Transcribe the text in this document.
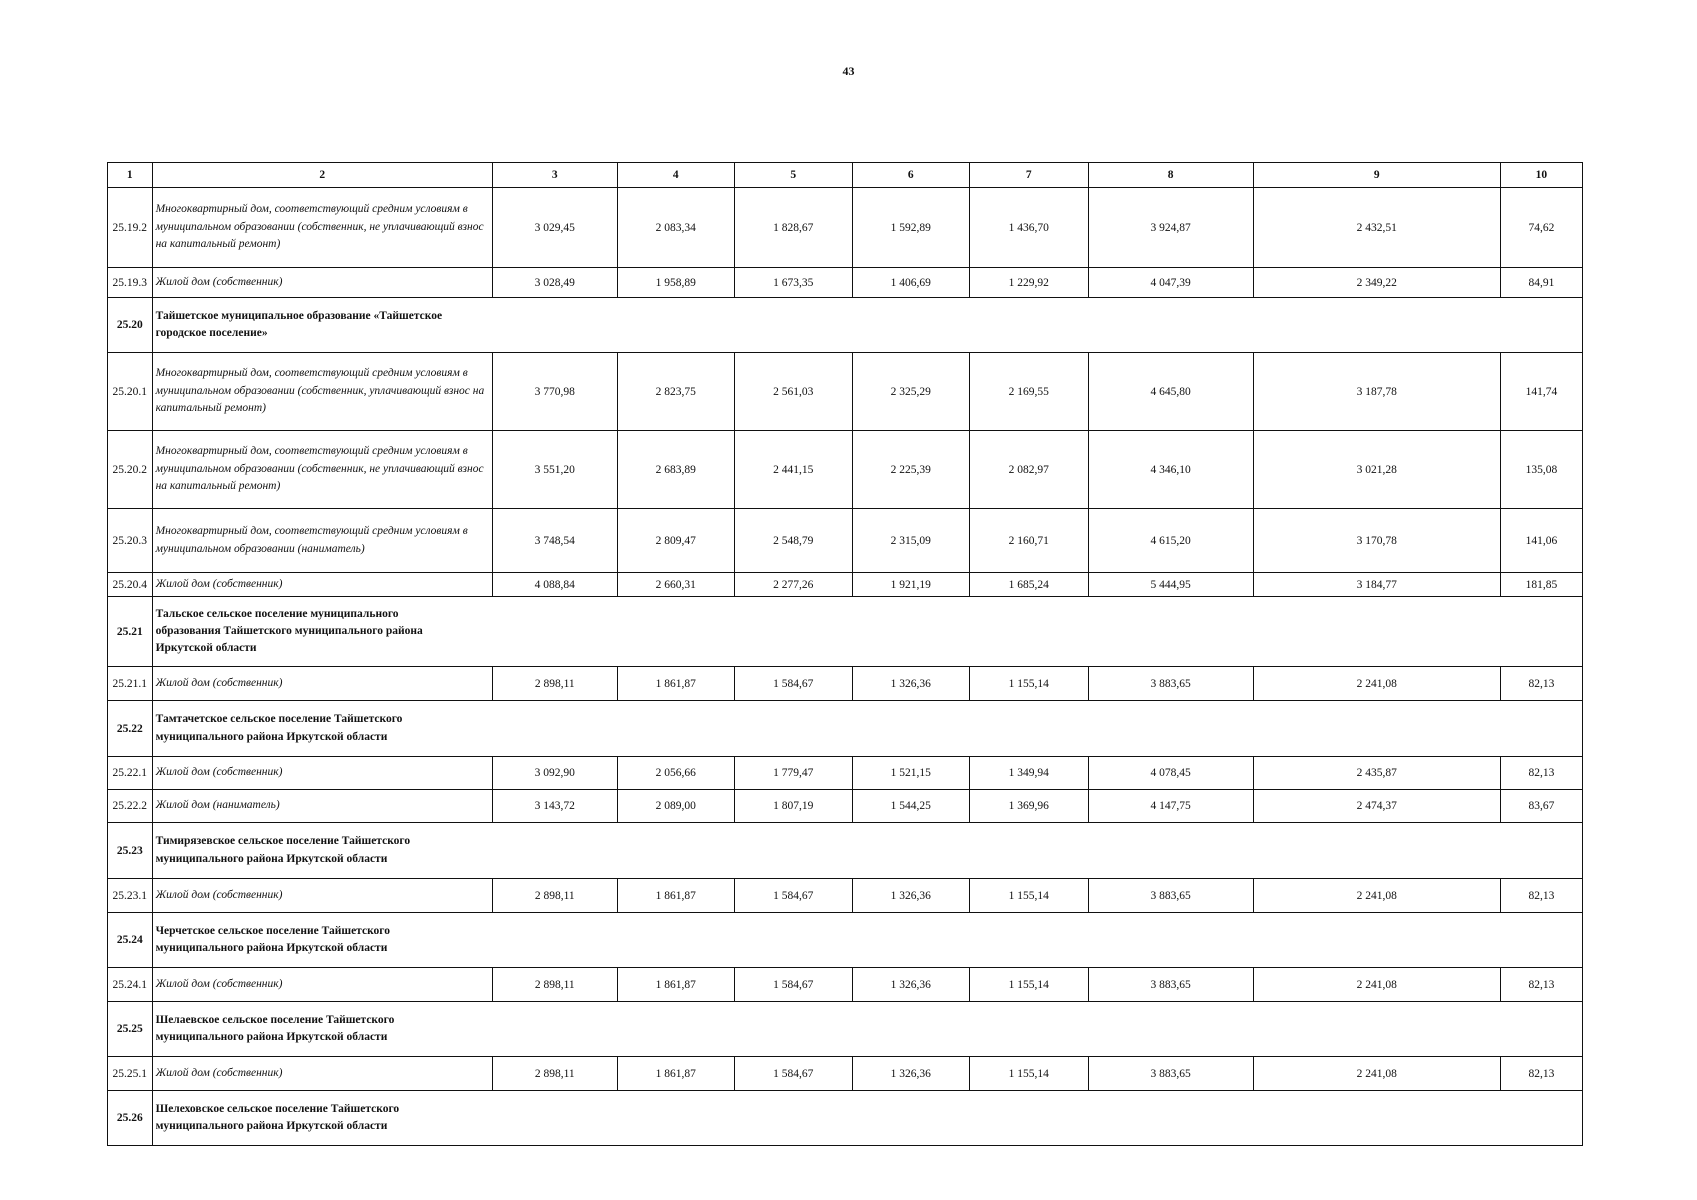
43
1	2	3	4	5	6	7	8	9	10
25.19.2	Многоквартирный дом, соответствующий средним условиям в муниципальном образовании (собственник, не уплачивающий взнос на капитальный ремонт)	3 029,45	2 083,34	1 828,67	1 592,89	1 436,70	3 924,87	2 432,51	74,62
25.19.3	Жилой дом (собственник)	3 028,49	1 958,89	1 673,35	1 406,69	1 229,92	4 047,39	2 349,22	84,91
25.20	Тайшетское муниципальное образование «Тайшетское городское поселение»								

25.20.1	Многоквартирный дом, соответствующий средним условиям в муниципальном образовании (собственник, уплачивающий взнос на капитальный ремонт)	3 770,98	2 823,75	2 561,03	2 325,29	2 169,55	4 645,80	3 187,78	141,74
25.20.2	Многоквартирный дом, соответствующий средним условиям в муниципальном образовании (собственник, не уплачивающий взнос на капитальный ремонт)	3 551,20	2 683,89	2 441,15	2 225,39	2 082,97	4 346,10	3 021,28	135,08
25.20.3	Многоквартирный дом, соответствующий средним условиям в муниципальном образовании (наниматель)	3 748,54	2 809,47	2 548,79	2 315,09	2 160,71	4 615,20	3 170,78	141,06
25.20.4	Жилой дом (собственник)	4 088,84	2 660,31	2 277,26	1 921,19	1 685,24	5 444,95	3 184,77	181,85
25.21	Тальское сельское поселение муниципального образования Тайшетского муниципального района Иркутской области								

25.21.1	Жилой дом (собственник)	2 898,11	1 861,87	1 584,67	1 326,36	1 155,14	3 883,65	2 241,08	82,13
25.22	Тамтачетское сельское поселение Тайшетского муниципального района Иркутской области								

25.22.1	Жилой дом (собственник)	3 092,90	2 056,66	1 779,47	1 521,15	1 349,94	4 078,45	2 435,87	82,13
25.22.2	Жилой дом (наниматель)	3 143,72	2 089,00	1 807,19	1 544,25	1 369,96	4 147,75	2 474,37	83,67
25.23	Тимирязевское сельское поселение Тайшетского муниципального района Иркутской области								

25.23.1	Жилой дом (собственник)	2 898,11	1 861,87	1 584,67	1 326,36	1 155,14	3 883,65	2 241,08	82,13
25.24	Черчетское сельское поселение Тайшетского муниципального района Иркутской области								

25.24.1	Жилой дом (собственник)	2 898,11	1 861,87	1 584,67	1 326,36	1 155,14	3 883,65	2 241,08	82,13
25.25	Шелаевское сельское поселение Тайшетского муниципального района Иркутской области								

25.25.1	Жилой дом (собственник)	2 898,11	1 861,87	1 584,67	1 326,36	1 155,14	3 883,65	2 241,08	82,13
25.26	Шелеховское сельское поселение Тайшетского муниципального района Иркутской области								
